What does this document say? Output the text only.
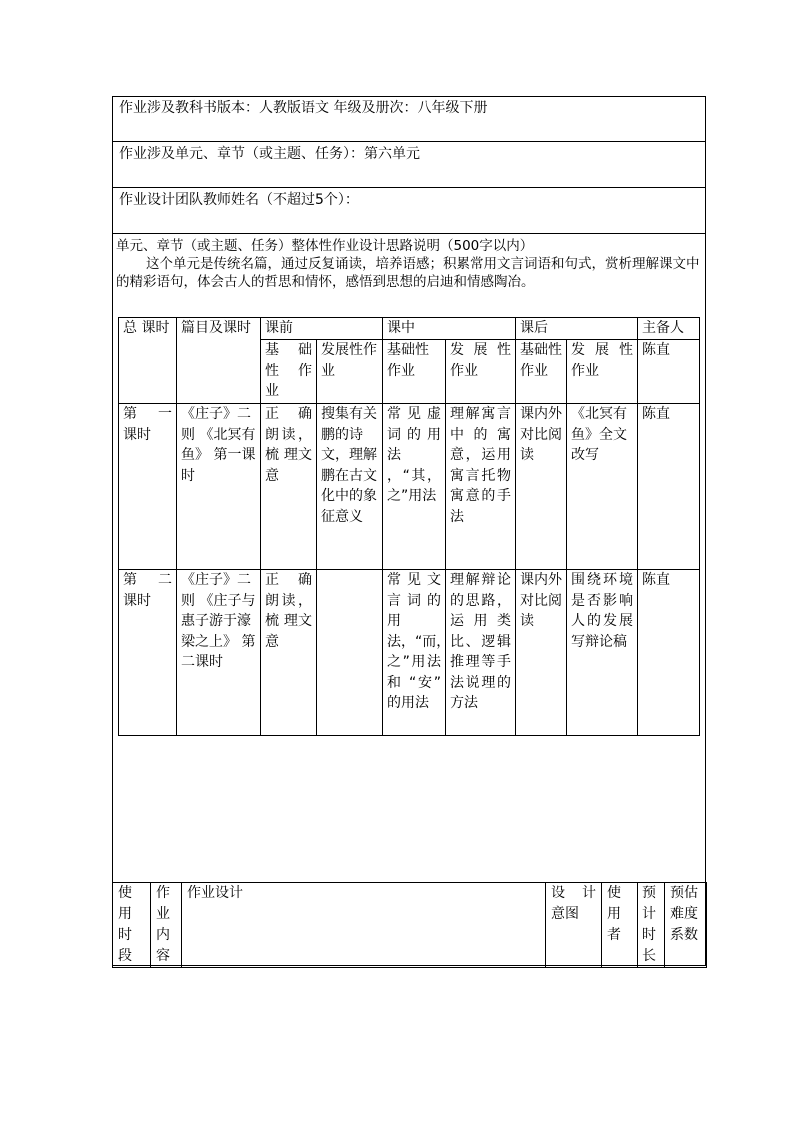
作业涉及教科书版本：人教版语文 年级及册次：八年级下册
作业涉及单元、章节（或主题、任务）：第六单元
作业设计团队教师姓名（不超过5个）：

单元、章节（或主题、任务）整体性作业设计思路说明（500字以内）

这个单元是传统名篇，通过反复诵读，培养语感；积累常用文言词语和句式，赏析理解课文中的精彩语句，体会古人的哲思和情怀，感悟到思想的启迪和情感陶冶。

总 课时	篇目及课时	课前		课中		课后		主备人
		基 础 性 作 业	发展性作业	基础性作业	发 展 性作业	基础性作业	发 展 性作业	陈直
第 一 课时	《庄子》二则 《北冥有鱼》 第一课时	正 确 朗读，梳 理文意	搜集有关鹏的诗文，理解鹏在古文化中的象征意义	常见虚词的用法 ，“其，之”用法	理解寓言中的寓意，运用寓言托物寓意的手法	课内外对比阅读	《北冥有鱼》全文改写	陈直
第 二 课时	《庄子》二则 《庄子与惠子游于濠梁之上》 第二课时	正 确 朗读，梳 理文意		常见文言词的用法，“而，之”用法 和 “安” 的用法	理解辩论的思路，运用类比、逻辑推理等手法说理的方法	课内外对比阅读	围绕环境是否影响人的发展写辩论稿	陈直
使用时段	作业内容	作业设计	设 计 意图	使用者	预计时长	预估难度系数
